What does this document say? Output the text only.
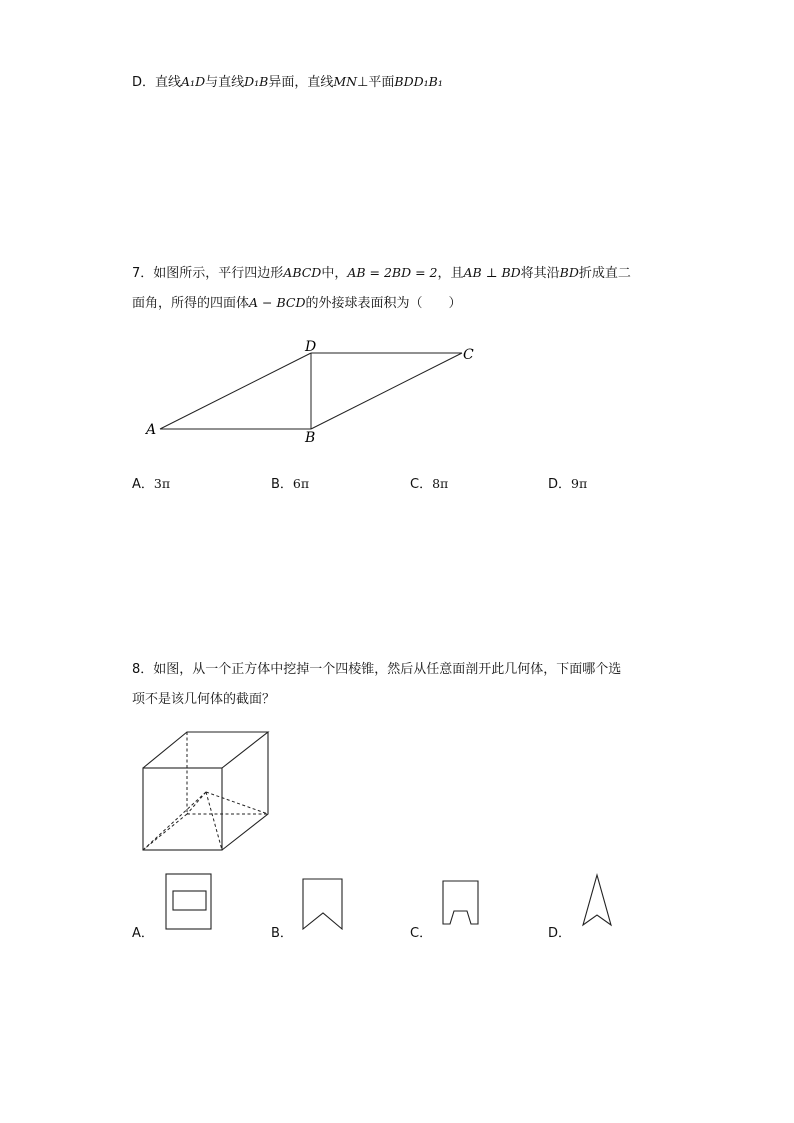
D．直线A₁D与直线D₁B异面，直线MN⊥平面BDD₁B₁
7．如图所示，平行四边形ABCD中，AB = 2BD = 2，且AB ⊥ BD将其沿BD折成直二
面角，所得的四面体A − BCD的外接球表面积为（　　）
A	B
C
D
A．3π	B．6π	C．8π	D．9π
8．如图，从一个正方体中挖掉一个四棱锥，然后从任意面剖开此几何体，下面哪个选
项不是该几何体的截面？
A．	B．	C．	D．
